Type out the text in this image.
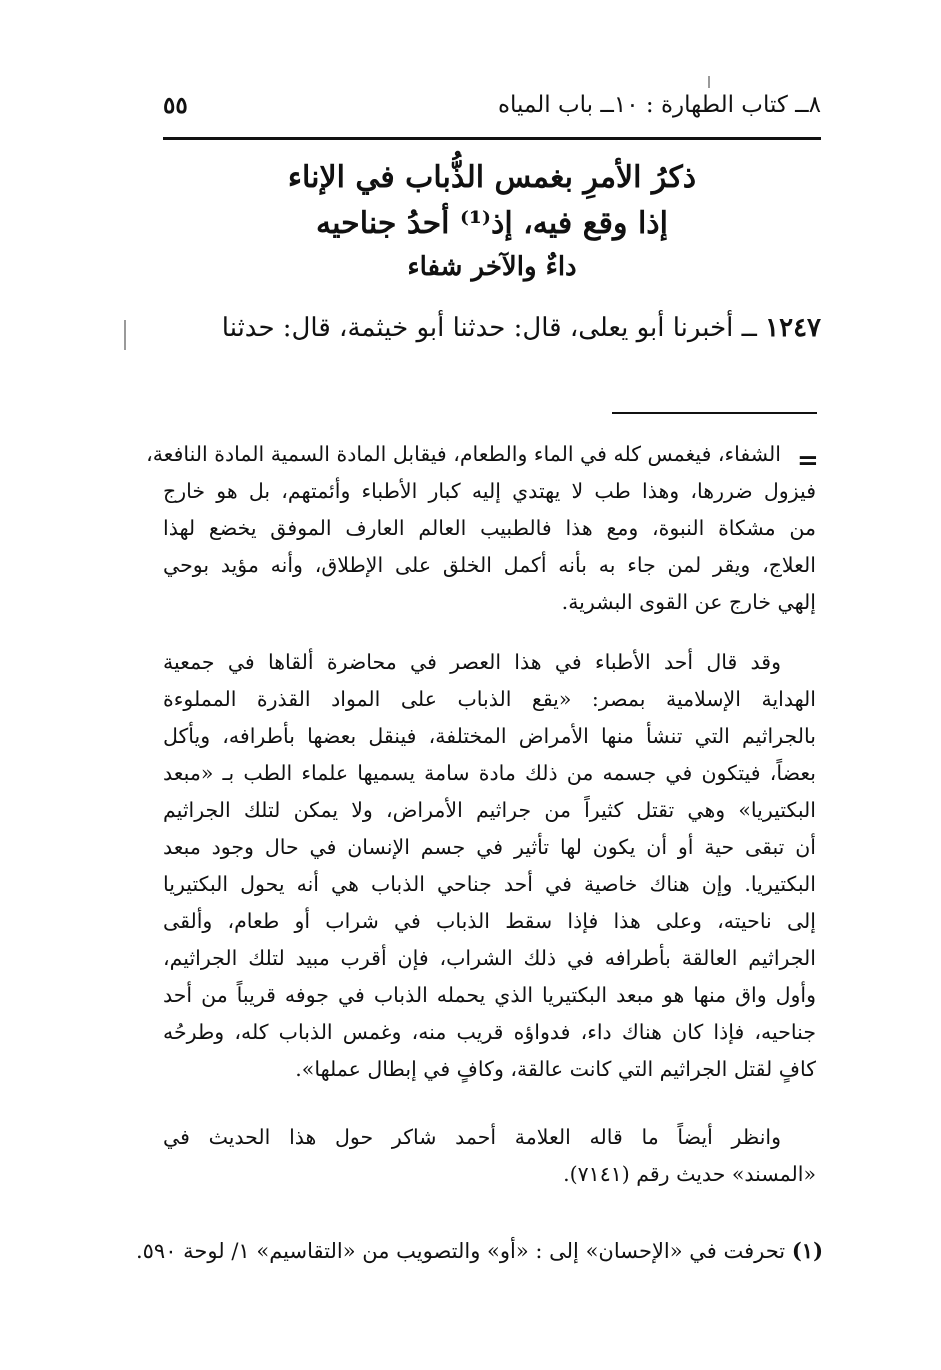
٨ــ كتاب الطهارة : ١٠ــ باب المياه
٥٥
ذكرُ الأمرِ بغمس الذُّباب في الإناء
إذا وقع فيه، إذ⁽¹⁾ أحدُ جناحيه
داءٌ والآخر شفاء
١٢٤٧ ــ أخبرنا أبو يعلى، قال: حدثنا أبو خيثمة، قال: حدثنا
=
الشفاء، فيغمس كله في الماء والطعام، فيقابل المادة السمية المادة النافعة،
فيزول ضررها، وهذا طب لا يهتدي إليه كبار الأطباء وأئمتهم، بل هو خارج
من مشكاة النبوة، ومع هذا فالطبيب العالم العارف الموفق يخضع لهذا
العلاج، ويقر لمن جاء به بأنه أكمل الخلق على الإطلاق، وأنه مؤيد بوحي
إلهي خارج عن القوى البشرية.
وقد قال أحد الأطباء في هذا العصر في محاضرة ألقاها في جمعية
الهداية الإسلامية بمصر: «يقع الذباب على المواد القذرة المملوءة
بالجراثيم التي تنشأ منها الأمراض المختلفة، فينقل بعضها بأطرافه، ويأكل
بعضاً، فيتكون في جسمه من ذلك مادة سامة يسميها علماء الطب بـ «مبعد
البكتيريا» وهي تقتل كثيراً من جراثيم الأمراض، ولا يمكن لتلك الجراثيم
أن تبقى حية أو أن يكون لها تأثير في جسم الإنسان في حال وجود مبعد
البكتيريا. وإن هناك خاصية في أحد جناحي الذباب هي أنه يحول البكتيريا
إلى ناحيته، وعلى هذا فإذا سقط الذباب في شراب أو طعام، وألقى
الجراثيم العالقة بأطرافه في ذلك الشراب، فإن أقرب مبيد لتلك الجراثيم،
وأول واق منها هو مبعد البكتيريا الذي يحمله الذباب في جوفه قريباً من أحد
جناحيه، فإذا كان هناك داء، فدواؤه قريب منه، وغمس الذباب كله، وطرحُه
كافٍ لقتل الجراثيم التي كانت عالقة، وكافٍ في إبطال عملها».
وانظر أيضاً ما قاله العلامة أحمد شاكر حول هذا الحديث في
«المسند» حديث رقم (٧١٤١).
(١) تحرفت في «الإحسان» إلى : «أو» والتصويب من «التقاسيم» ١/ لوحة ٥٩٠.
